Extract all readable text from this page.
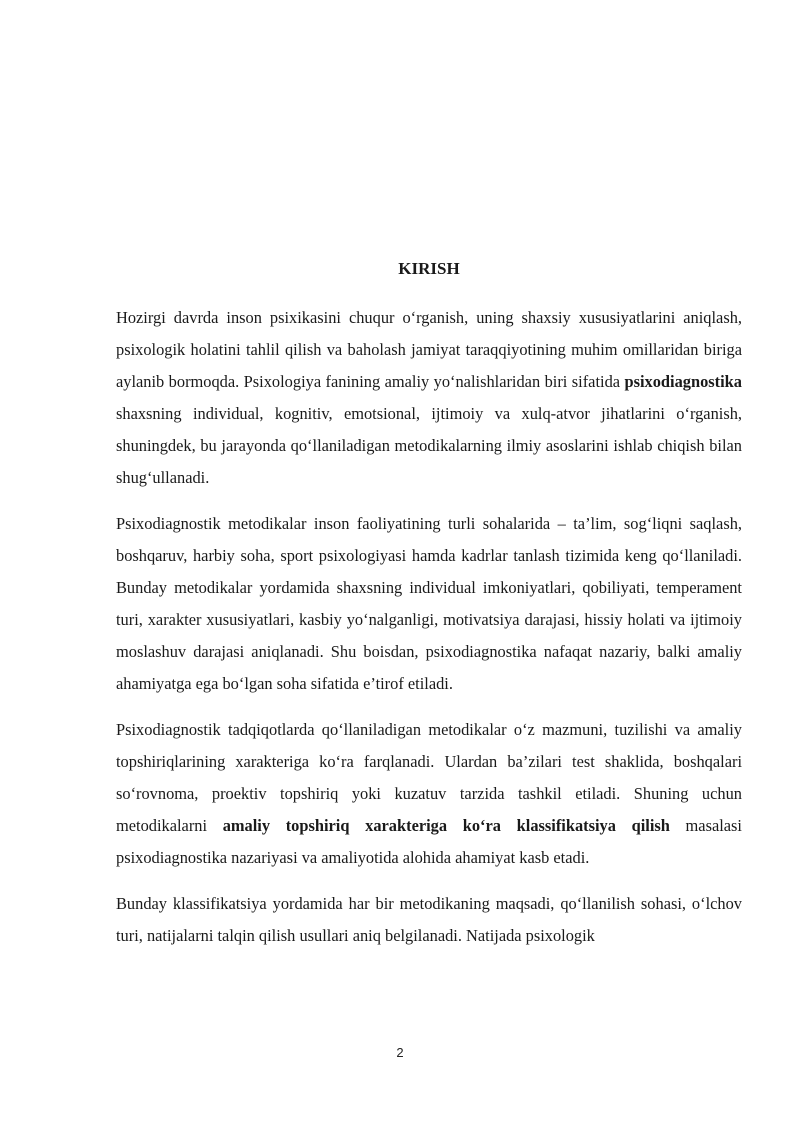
KIRISH

Hozirgi davrda inson psixikasini chuqur o‘rganish, uning shaxsiy xususiyatlarini aniqlash, psixologik holatini tahlil qilish va baholash jamiyat taraqqiyotining muhim omillaridan biriga aylanib bormoqda. Psixologiya fanining amaliy yo‘nalishlaridan biri sifatida psixodiagnostika shaxsning individual, kognitiv, emotsional, ijtimoiy va xulq-atvor jihatlarini o‘rganish, shuningdek, bu jarayonda qo‘llaniladigan metodikalarning ilmiy asoslarini ishlab chiqish bilan shug‘ullanadi.

Psixodiagnostik metodikalar inson faoliyatining turli sohalarida – ta’lim, sog‘liqni saqlash, boshqaruv, harbiy soha, sport psixologiyasi hamda kadrlar tanlash tizimida keng qo‘llaniladi. Bunday metodikalar yordamida shaxsning individual imkoniyatlari, qobiliyati, temperament turi, xarakter xususiyatlari, kasbiy yo‘nalganligi, motivatsiya darajasi, hissiy holati va ijtimoiy moslashuv darajasi aniqlanadi. Shu boisdan, psixodiagnostika nafaqat nazariy, balki amaliy ahamiyatga ega bo‘lgan soha sifatida e’tirof etiladi.

Psixodiagnostik tadqiqotlarda qo‘llaniladigan metodikalar o‘z mazmuni, tuzilishi va amaliy topshiriqlarining xarakteriga ko‘ra farqlanadi. Ulardan ba’zilari test shaklida, boshqalari so‘rovnoma, proektiv topshiriq yoki kuzatuv tarzida tashkil etiladi. Shuning uchun metodikalarni amaliy topshiriq xarakteriga ko‘ra klassifikatsiya qilish masalasi psixodiagnostika nazariyasi va amaliyotida alohida ahamiyat kasb etadi.

Bunday klassifikatsiya yordamida har bir metodikaning maqsadi, qo‘llanilish sohasi, o‘lchov turi, natijalarni talqin qilish usullari aniq belgilanadi. Natijada psixologik

2
